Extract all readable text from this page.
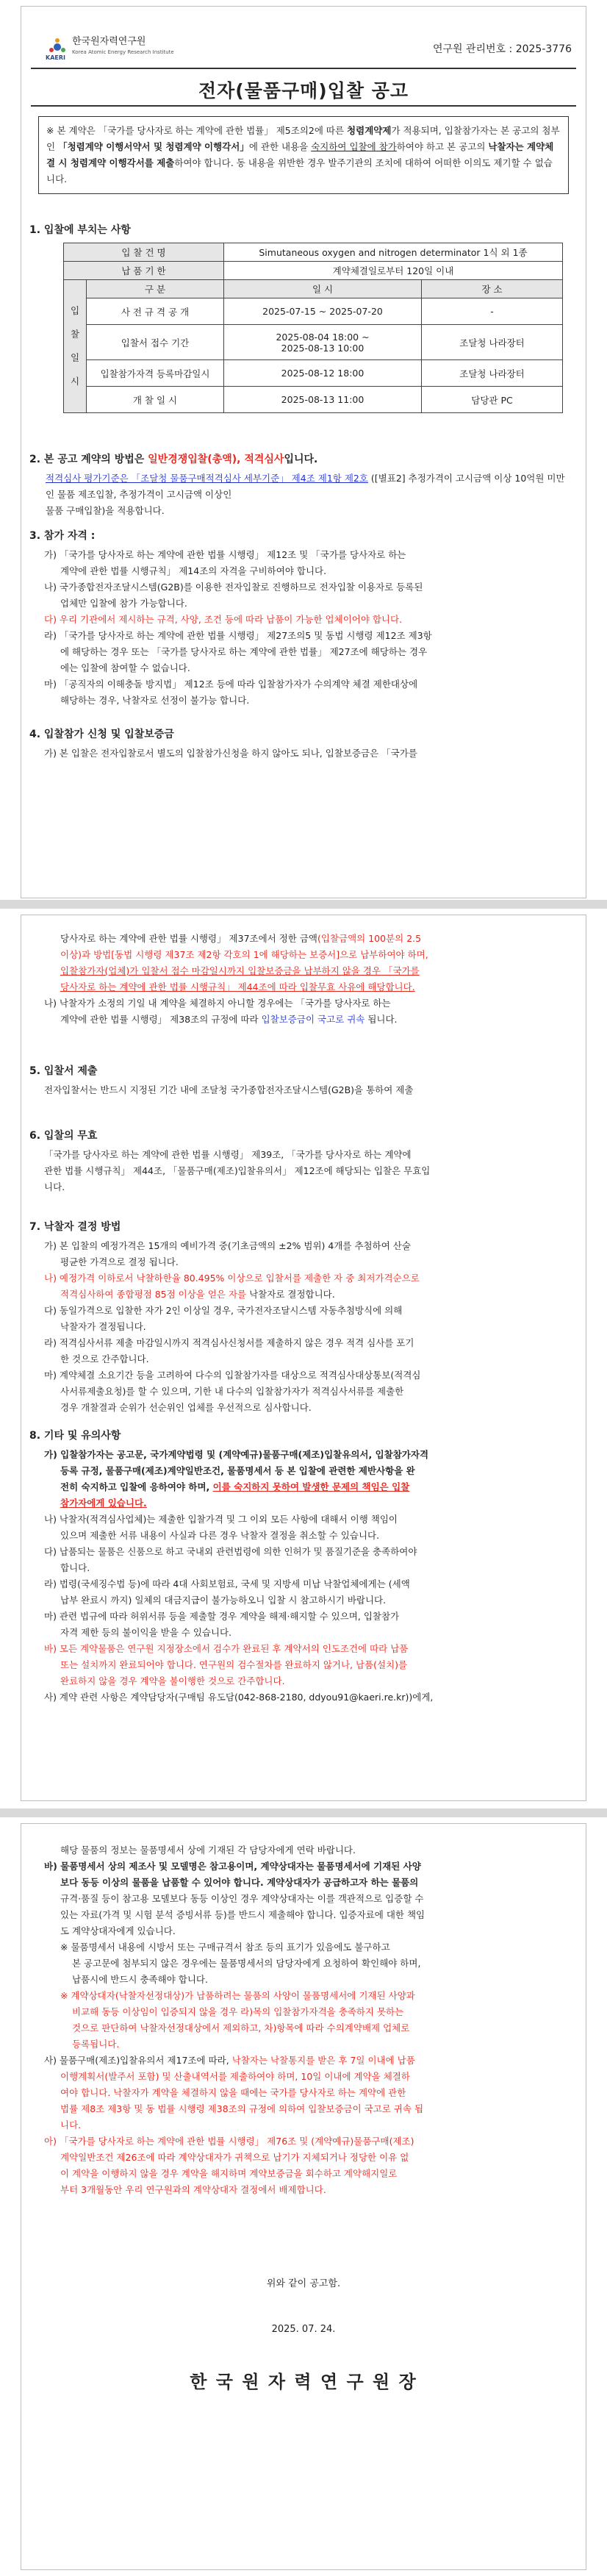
KAERI
한국원자력연구원
Korea Atomic Energy Research Institute	연구원 관리번호 : 2025-3776
전자(물품구매)입찰 공고
※ 본 계약은 「국가를 당사자로 하는 계약에 관한 법률」 제5조의2에 따른 청렴계약제가 적용되며, 입찰참가자는 본 공고의 첨부인 「청렴계약 이행서약서 및 청렴계약 이행각서」에 관한 내용을 숙지하여 입찰에 참가하여야 하고 본 공고의 낙찰자는 계약체결 시 청렴계약 이행각서를 제출하여야 합니다. 동 내용을 위반한 경우 발주기관의 조치에 대하여 어떠한 이의도 제기할 수 없습니다.
1. 입찰에 부치는 사항
입 찰 건 명		Simutaneous oxygen and nitrogen determinator 1식 외 1종	
납 품 기 한		계약체결일로부터 120일 이내	
입 찰 일 시	구 분	일 시	장 소
	사 전 규 격 공 개	2025-07-15 ~ 2025-07-20	-
	입찰서 접수 기간	2025-08-04 18:00 ~
2025-08-13 10:00	조달청 나라장터
	입찰참가자격 등록마감일시	2025-08-12 18:00	조달청 나라장터
	개 찰 일 시	2025-08-13 11:00	담당관 PC
2. 본 공고 계약의 방법은 일반경쟁입찰(총액), 적격심사입니다.
적격심사 평가기준은 「조달청 물품구매적격심사 세부기준」 제4조 제1항 제2호 ([별표2] 추정가격이 고시금액 이상 10억원 미만인 물품 제조입찰, 추정가격이 고시금액 이상인
물품 구매입찰)을 적용합니다.
3. 참가 자격 :
가) 「국가를 당사자로 하는 계약에 관한 법률 시행령」 제12조 및 「국가를 당사자로 하는
계약에 관한 법률 시행규칙」 제14조의 자격을 구비하여야 합니다.
나) 국가종합전자조달시스템(G2B)를 이용한 전자입찰로 진행하므로 전자입찰 이용자로 등록된
업체만 입찰에 참가 가능합니다.
다) 우리 기관에서 제시하는 규격, 사양, 조건 등에 따라 납품이 가능한 업체이어야 합니다.
라) 「국가를 당사자로 하는 계약에 관한 법률 시행령」 제27조의5 및 동법 시행령 제12조 제3항
에 해당하는 경우 또는 「국가를 당사자로 하는 계약에 관한 법률」 제27조에 해당하는 경우
에는 입찰에 참여할 수 없습니다.
마) 「공직자의 이해충돌 방지법」 제12조 등에 따라 입찰참가자가 수의계약 체결 제한대상에
해당하는 경우, 낙찰자로 선정이 불가능 합니다.
4. 입찰참가 신청 및 입찰보증금
가) 본 입찰은 전자입찰로서 별도의 입찰참가신청을 하지 않아도 되나, 입찰보증금은 「국가를
당사자로 하는 계약에 관한 법률 시행령」 제37조에서 정한 금액(입찰금액의 100분의 2.5
이상)과 방법[동법 시행령 제37조 제2항 각호의 1에 해당하는 보증서]으로 납부하여야 하며,
입찰참가자(업체)가 입찰서 접수 마감일시까지 입찰보증금을 납부하지 않을 경우 「국가를
당사자로 하는 계약에 관한 법률 시행규칙」 제44조에 따라 입찰무효 사유에 해당합니다.
나) 낙찰자가 소정의 기일 내 계약을 체결하지 아니할 경우에는 「국가를 당사자로 하는
계약에 관한 법률 시행령」 제38조의 규정에 따라 입찰보증금이 국고로 귀속 됩니다.
5. 입찰서 제출
전자입찰서는 반드시 지정된 기간 내에 조달청 국가종합전자조달시스템(G2B)을 통하여 제출
6. 입찰의 무효
「국가를 당사자로 하는 계약에 관한 법률 시행령」 제39조, 「국가를 당사자로 하는 계약에
관한 법률 시행규칙」 제44조, 「물품구매(제조)입찰유의서」 제12조에 해당되는 입찰은 무효입
니다.
7. 낙찰자 결정 방법
가) 본 입찰의 예정가격은 15개의 예비가격 중(기초금액의 ±2% 범위) 4개를 추첨하여 산술
평균한 가격으로 결정 됩니다.
나) 예정가격 이하로서 낙찰하한율 80.495% 이상으로 입찰서를 제출한 자 중 최저가격순으로
적격심사하여 종합평점 85점 이상을 얻은 자를 낙찰자로 결정합니다.
다) 동일가격으로 입찰한 자가 2인 이상일 경우, 국가전자조달시스템 자동추첨방식에 의해
낙찰자가 결정됩니다.
라) 적격심사서류 제출 마감일시까지 적격심사신청서를 제출하지 않은 경우 적격 심사를 포기
한 것으로 간주합니다.
마) 계약체결 소요기간 등을 고려하여 다수의 입찰참가자를 대상으로 적격심사대상통보(적격심
사서류제출요청)를 할 수 있으며, 기한 내 다수의 입찰참가자가 적격심사서류를 제출한
경우 개찰결과 순위가 선순위인 업체를 우선적으로 심사합니다.
8. 기타 및 유의사항
가) 입찰참가자는 공고문, 국가계약법령 및 (계약예규)물품구매(제조)입찰유의서, 입찰참가자격
등록 규정, 물품구매(제조)계약일반조건, 물품명세서 등 본 입찰에 관련한 제반사항을 완
전히 숙지하고 입찰에 응하여야 하며, 이를 숙지하지 못하여 발생한 문제의 책임은 입찰
참가자에게 있습니다.
나) 낙찰자(적격심사업체)는 제출한 입찰가격 및 그 이외 모든 사항에 대해서 이행 책임이
있으며 제출한 서류 내용이 사실과 다른 경우 낙찰자 결정을 취소할 수 있습니다.
다) 납품되는 물품은 신품으로 하고 국내외 관련법령에 의한 인허가 및 품질기준을 충족하여야
합니다.
라) 법령(국세징수법 등)에 따라 4대 사회보험료, 국세 및 지방세 미납 낙찰업체에게는 (세액
납부 완료시 까지) 일체의 대금지급이 불가능하오니 입찰 시 참고하시기 바랍니다.
마) 관련 법규에 따라 허위서류 등을 제출할 경우 계약을 해제·해지할 수 있으며, 입찰참가
자격 제한 등의 불이익을 받을 수 있습니다.
바) 모든 계약물품은 연구원 지정장소에서 검수가 완료된 후 계약서의 인도조건에 따라 납품
또는 설치까지 완료되어야 합니다. 연구원의 검수절차를 완료하지 않거나, 납품(설치)를
완료하지 않을 경우 계약을 불이행한 것으로 간주합니다.
사) 계약 관련 사항은 계약담당자(구매팀 유도담(042-868-2180, ddyou91@kaeri.re.kr))에게,
해당 물품의 정보는 물품명세서 상에 기재된 각 담당자에게 연락 바랍니다.
바) 물품명세서 상의 제조사 및 모델명은 참고용이며, 계약상대자는 물품명세서에 기재된 사양
보다 동등 이상의 물품을 납품할 수 있어야 합니다. 계약상대자가 공급하고자 하는 물품의
규격·품질 등이 참고용 모델보다 동등 이상인 경우 계약상대자는 이를 객관적으로 입증할 수
있는 자료(가격 및 시험 분석 증빙서류 등)를 반드시 제출해야 합니다. 입증자료에 대한 책임
도 계약상대자에게 있습니다.
※ 물품명세서 내용에 시방서 또는 구매규격서 참조 등의 표기가 있음에도 불구하고
본 공고문에 첨부되지 않은 경우에는 물품명세서의 담당자에게 요청하여 확인해야 하며,
납품시에 반드시 충족해야 합니다.
※ 계약상대자(낙찰자선정대상)가 납품하려는 물품의 사양이 물품명세서에 기재된 사양과
비교해 동등 이상임이 입증되지 않을 경우 라)목의 입찰참가자격을 충족하지 못하는
것으로 판단하여 낙찰자선정대상에서 제외하고, 차)항목에 따라 수의계약배제 업체로
등록됩니다.
사) 물품구매(제조)입찰유의서 제17조에 따라, 낙찰자는 낙찰통지를 받은 후 7일 이내에 납품
이행계획서(발주서 포함) 및 산출내역서를 제출하여야 하며, 10일 이내에 계약을 체결하
여야 합니다. 낙찰자가 계약을 체결하지 않을 때에는 국가를 당사자로 하는 계약에 관한
법률 제8조 제3항 및 동 법률 시행령 제38조의 규정에 의하여 입찰보증금이 국고로 귀속 됩
니다.
아) 「국가를 당사자로 하는 계약에 관한 법률 시행령」 제76조 및 (계약예규)물품구매(제조)
계약일반조건 제26조에 따라 계약상대자가 귀책으로 납기가 지체되거나 정당한 이유 없
이 계약을 이행하지 않을 경우 계약을 해지하며 계약보증금을 회수하고 계약해지일로
부터 3개월동안 우리 연구원과의 계약상대자 결정에서 배제합니다.
위와 같이 공고함.
2025. 07. 24.
한 국 원 자 력 연 구 원 장
